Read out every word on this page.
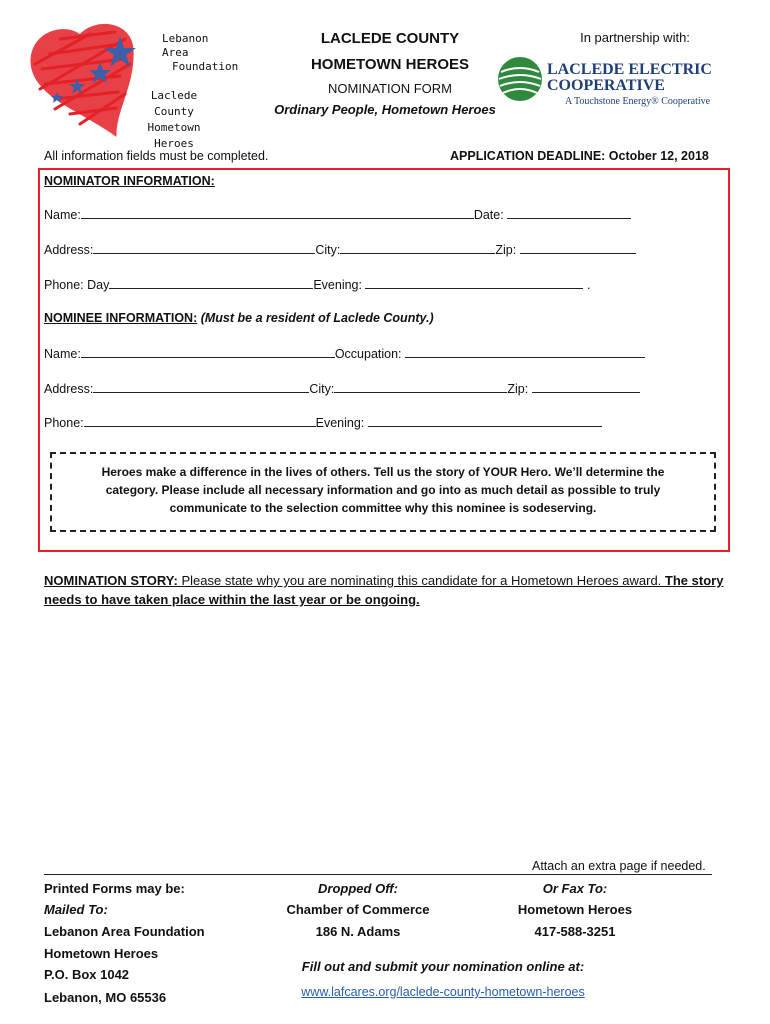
Lebanon Area
Foundation
Laclede County
Hometown
Heroes
LACLEDE COUNTY
HOMETOWN HEROES
NOMINATION FORM
Ordinary People, Hometown Heroes
In partnership with:
LACLEDE ELECTRIC
COOPERATIVE
A Touchstone Energy® Cooperative
All information fields must be completed.	APPLICATION DEADLINE: October 12, 2018
NOMINATOR INFORMATION:
Name:	Date:
Address:	City:	Zip:
Phone: Day	Evening:	.
NOMINEE INFORMATION: (Must be a resident of Laclede County.)
Name:	Occupation:
Address:	City:	Zip:
Phone:	Evening:
Heroes make a difference in the lives of others. Tell us the story of YOUR Hero. We’ll determine the category. Please include all necessary information and go into as much detail as possible to truly communicate to the selection committee why this nominee is sodeserving.
NOMINATION STORY: Please state why you are nominating this candidate for a Hometown Heroes award. The story needs to have taken place within the last year or be ongoing.
Attach an extra page if needed.
Printed Forms may be:
Mailed To:
Lebanon Area Foundation
Hometown Heroes
P.O. Box 1042
Lebanon, MO 65536
Dropped Off:
Chamber of Commerce
186 N. Adams
Or Fax To:
Hometown Heroes
417-588-3251
Fill out and submit your nomination online at:
www.lafcares.org/laclede-county-hometown-heroes
